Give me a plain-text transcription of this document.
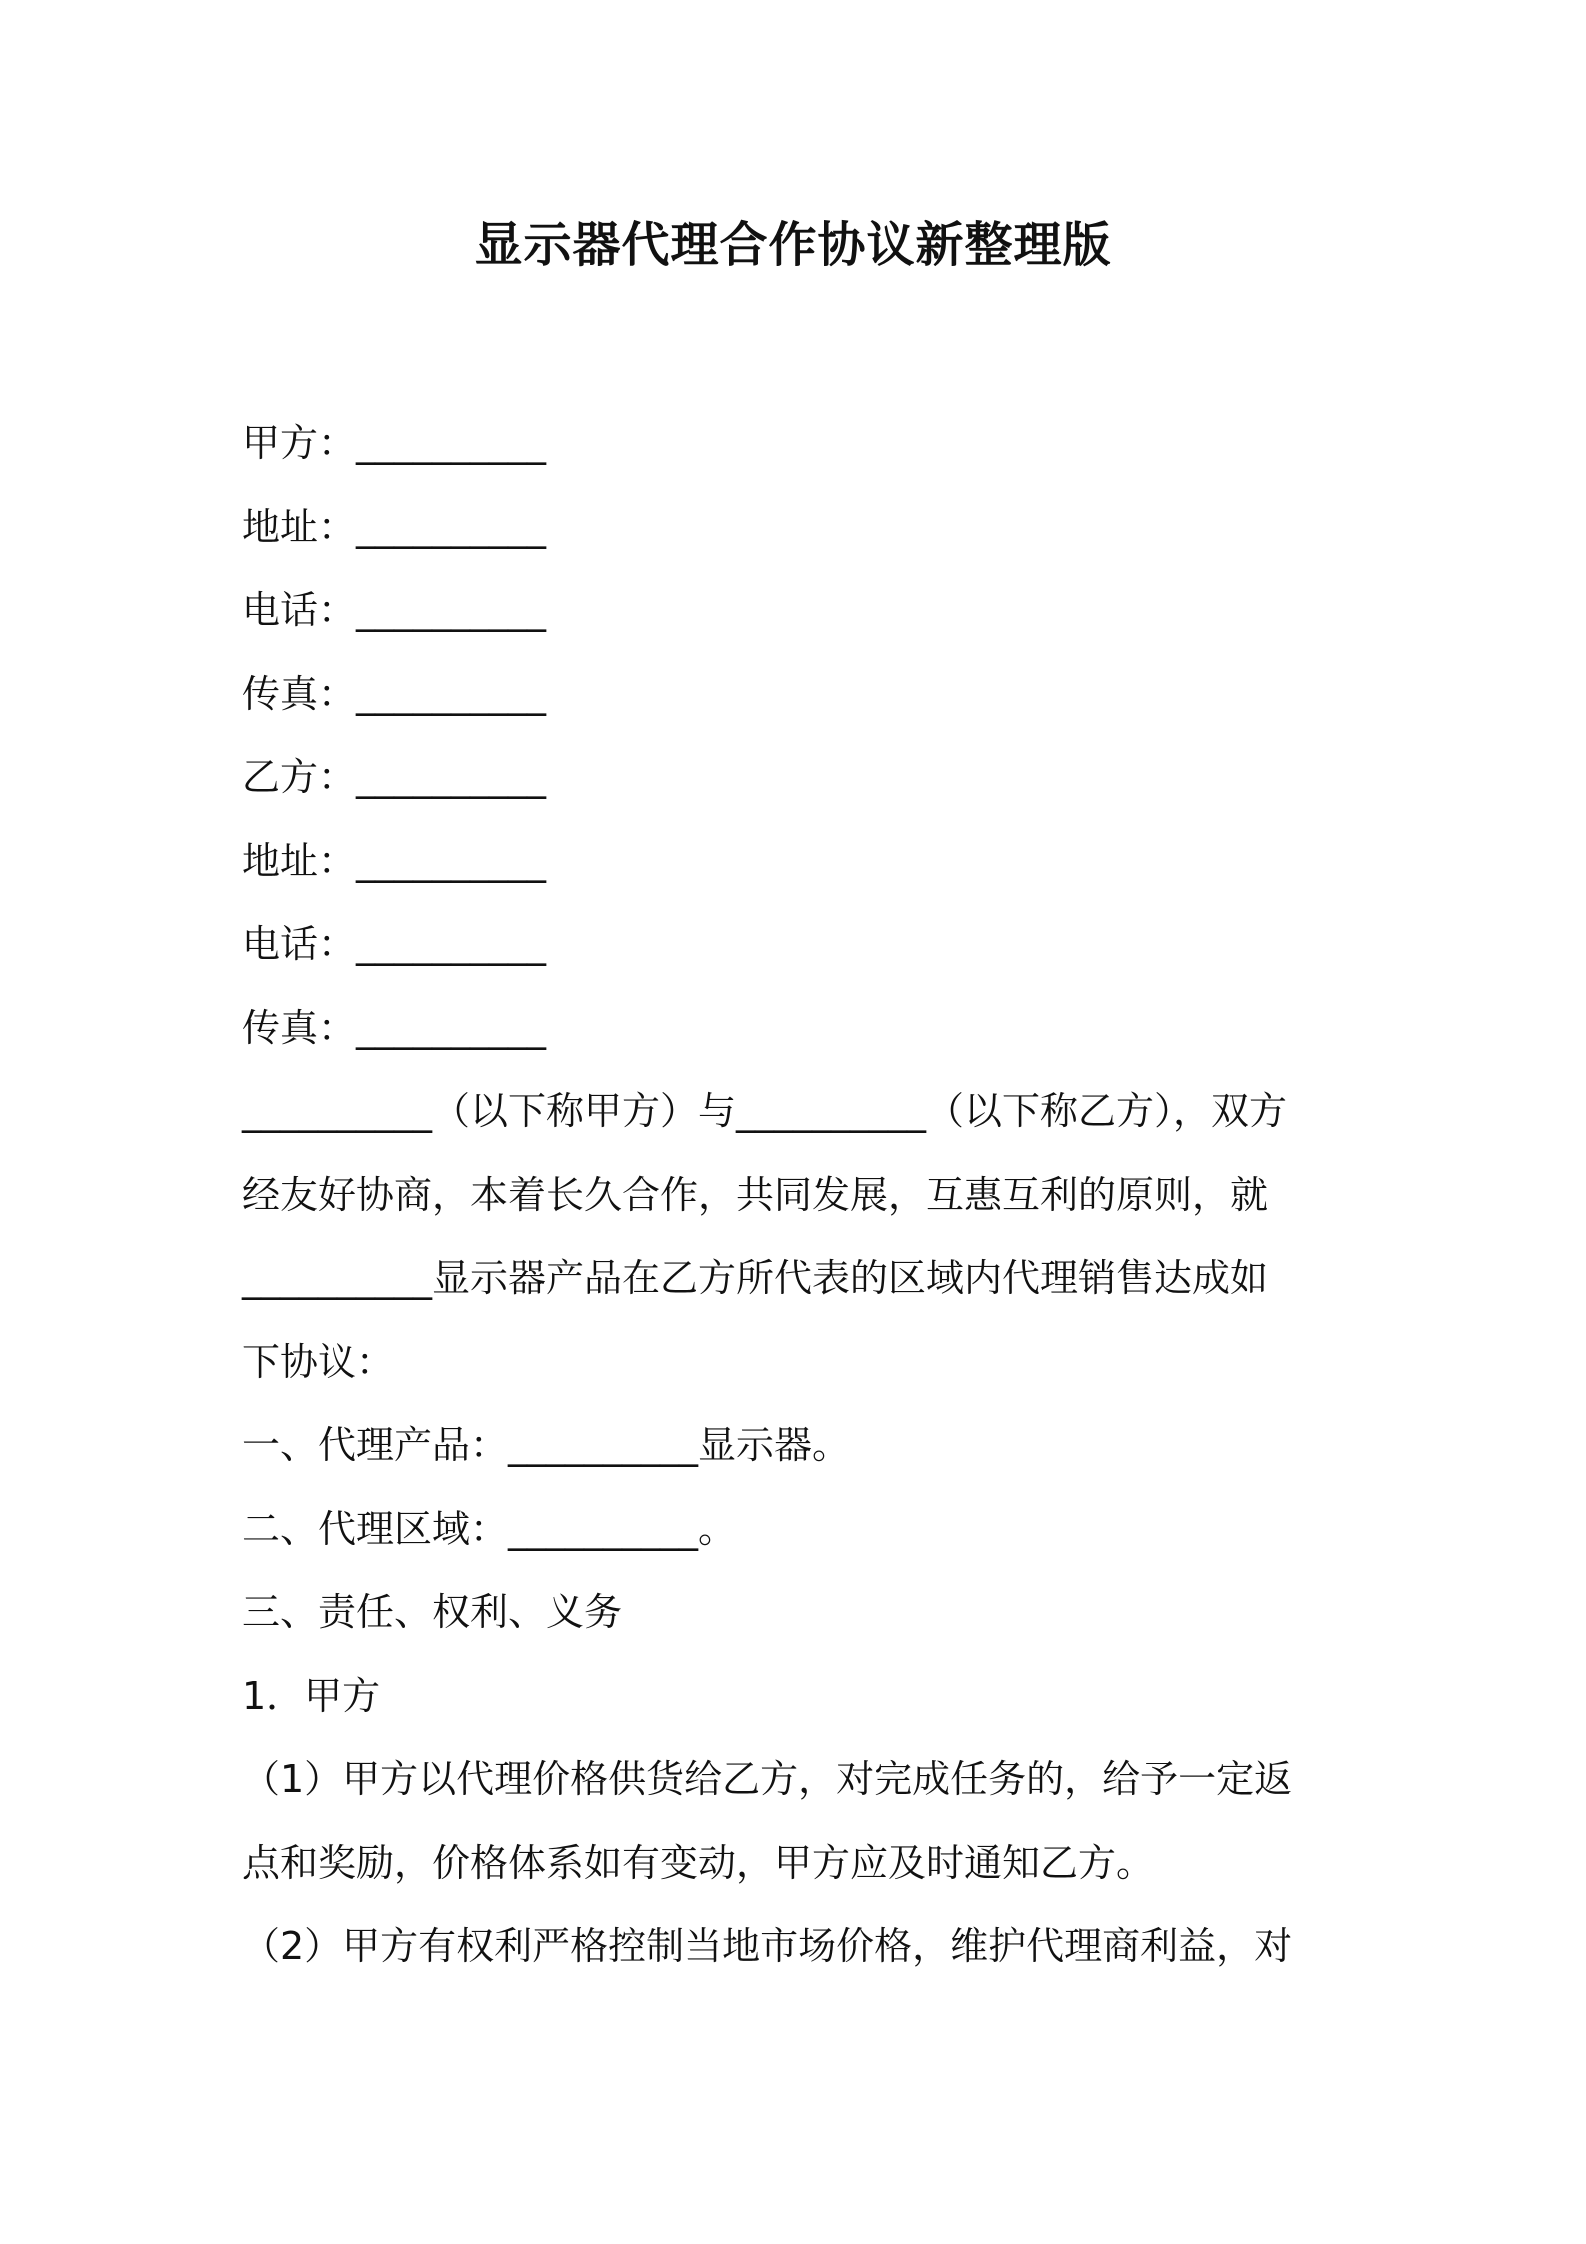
显示器代理合作协议新整理版
甲方：__________
地址：__________
电话：__________
传真：__________
乙方：__________
地址：__________
电话：__________
传真：__________
__________（以下称甲方）与__________（以下称乙方），双方
经友好协商，本着长久合作，共同发展，互惠互利的原则，就
__________显示器产品在乙方所代表的区域内代理销售达成如
下协议：
一、代理产品：__________显示器。
二、代理区域：__________。
三、责任、权利、义务
1．甲方
（1）甲方以代理价格供货给乙方，对完成任务的，给予一定返
点和奖励，价格体系如有变动，甲方应及时通知乙方。
（2）甲方有权利严格控制当地市场价格，维护代理商利益，对
